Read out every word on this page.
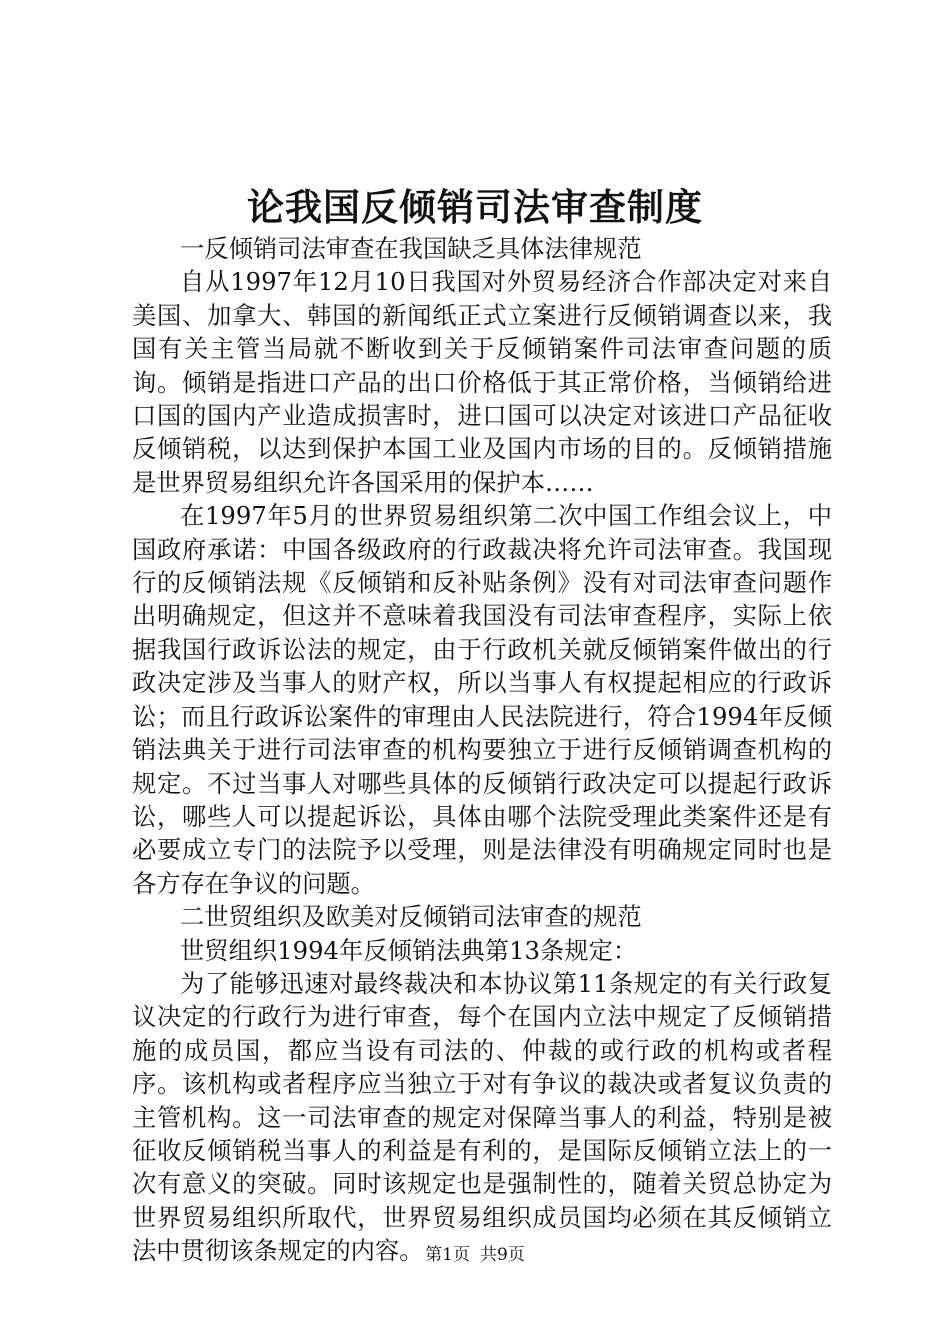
论我国反倾销司法审查制度

一反倾销司法审查在我国缺乏具体法律规范

自从1997年12月10日我国对外贸易经济合作部决定对来自美国、加拿大、韩国的新闻纸正式立案进行反倾销调查以来，我国有关主管当局就不断收到关于反倾销案件司法审查问题的质询。倾销是指进口产品的出口价格低于其正常价格，当倾销给进口国的国内产业造成损害时，进口国可以决定对该进口产品征收反倾销税，以达到保护本国工业及国内市场的目的。反倾销措施是世界贸易组织允许各国采用的保护本……

在1997年5月的世界贸易组织第二次中国工作组会议上，中国政府承诺：中国各级政府的行政裁决将允许司法审查。我国现行的反倾销法规《反倾销和反补贴条例》没有对司法审查问题作出明确规定，但这并不意味着我国没有司法审查程序，实际上依据我国行政诉讼法的规定，由于行政机关就反倾销案件做出的行政决定涉及当事人的财产权，所以当事人有权提起相应的行政诉讼；而且行政诉讼案件的审理由人民法院进行，符合1994年反倾销法典关于进行司法审查的机构要独立于进行反倾销调查机构的规定。不过当事人对哪些具体的反倾销行政决定可以提起行政诉讼，哪些人可以提起诉讼，具体由哪个法院受理此类案件还是有必要成立专门的法院予以受理，则是法律没有明确规定同时也是各方存在争议的问题。

二世贸组织及欧美对反倾销司法审查的规范

世贸组织1994年反倾销法典第13条规定：

为了能够迅速对最终裁决和本协议第11条规定的有关行政复议决定的行政行为进行审查，每个在国内立法中规定了反倾销措施的成员国，都应当设有司法的、仲裁的或行政的机构或者程序。该机构或者程序应当独立于对有争议的裁决或者复议负责的主管机构。这一司法审查的规定对保障当事人的利益，特别是被征收反倾销税当事人的利益是有利的，是国际反倾销立法上的一次有意义的突破。同时该规定也是强制性的，随着关贸总协定为世界贸易组织所取代，世界贸易组织成员国均必须在其反倾销立法中贯彻该条规定的内容。 第1页 共9页
